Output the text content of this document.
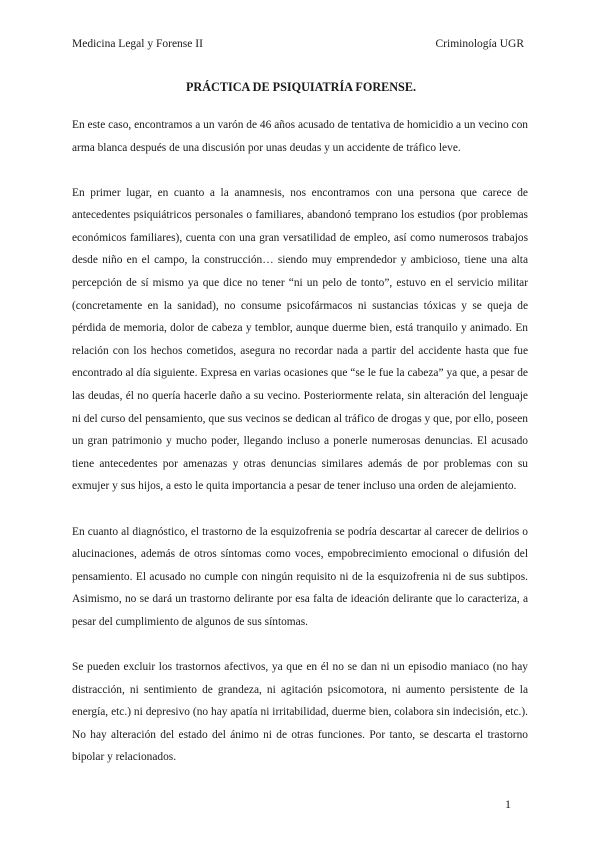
Medicina Legal y Forense II	Criminología UGR
PRÁCTICA DE PSIQUIATRÍA FORENSE.

En este caso, encontramos a un varón de 46 años acusado de tentativa de homicidio a un vecino con arma blanca después de una discusión por unas deudas y un accidente de tráfico leve.

En primer lugar, en cuanto a la anamnesis, nos encontramos con una persona que carece de antecedentes psiquiátricos personales o familiares, abandonó temprano los estudios (por problemas económicos familiares), cuenta con una gran versatilidad de empleo, así como numerosos trabajos desde niño en el campo, la construcción… siendo muy emprendedor y ambicioso, tiene una alta percepción de sí mismo ya que dice no tener “ni un pelo de tonto”, estuvo en el servicio militar (concretamente en la sanidad), no consume psicofármacos ni sustancias tóxicas y se queja de pérdida de memoria, dolor de cabeza y temblor, aunque duerme bien, está tranquilo y animado. En relación con los hechos cometidos, asegura no recordar nada a partir del accidente hasta que fue encontrado al día siguiente. Expresa en varias ocasiones que “se le fue la cabeza” ya que, a pesar de las deudas, él no quería hacerle daño a su vecino. Posteriormente relata, sin alteración del lenguaje ni del curso del pensamiento, que sus vecinos se dedican al tráfico de drogas y que, por ello, poseen un gran patrimonio y mucho poder, llegando incluso a ponerle numerosas denuncias. El acusado tiene antecedentes por amenazas y otras denuncias similares además de por problemas con su exmujer y sus hijos, a esto le quita importancia a pesar de tener incluso una orden de alejamiento.

En cuanto al diagnóstico, el trastorno de la esquizofrenia se podría descartar al carecer de delirios o alucinaciones, además de otros síntomas como voces, empobrecimiento emocional o difusión del pensamiento. El acusado no cumple con ningún requisito ni de la esquizofrenia ni de sus subtipos. Asimismo, no se dará un trastorno delirante por esa falta de ideación delirante que lo caracteriza, a pesar del cumplimiento de algunos de sus síntomas.

Se pueden excluir los trastornos afectivos, ya que en él no se dan ni un episodio maniaco (no hay distracción, ni sentimiento de grandeza, ni agitación psicomotora, ni aumento persistente de la energía, etc.) ni depresivo (no hay apatía ni irritabilidad, duerme bien, colabora sin indecisión, etc.). No hay alteración del estado del ánimo ni de otras funciones. Por tanto, se descarta el trastorno bipolar y relacionados.

1
